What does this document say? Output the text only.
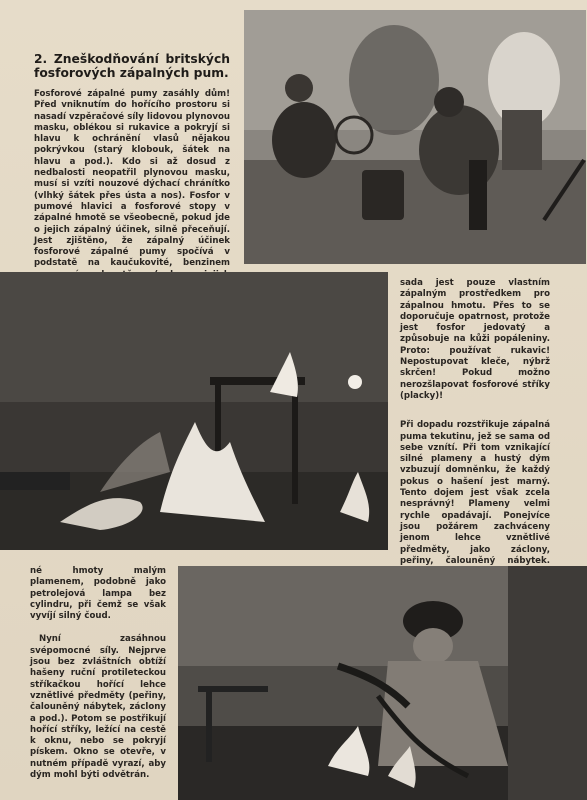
2. Zneškodňování britských fosforových zápalných pum.

Fosforové zápalné pumy zasáhly dům! Před vniknutím do hořícího prostoru si nasadí vzpěračové síly lidovou plynovou masku, oblékou si rukavice a pokryjí si hlavu k ochránění vlasů nějakou pokrývkou (starý klobouk, šátek na hlavu a pod.). Kdo si až dosud z nedbalosti neopatřil plynovou masku, musí si vzíti nouzové dýchací chránítko (vlhký šátek přes ústa a nos). Fosfor v pumové hlavici a fosforové stopy v zápalné hmotě se všeobecně, pokud jde o jejich zápalný účinek, silně přeceňují. Jest zjištěno, že zápalný účinek fosforové zápalné pumy spočívá v podstatě na kaučukovité, benzinem

sada jest pouze vlastním zápalným prostředkem pro zápalnou hmotu. Přes to se doporučuje opatrnost, protože jest fosfor jedovatý a způsobuje na kůži popáleniny. Proto: používat rukavic! Nepostupovat kleče, nýbrž skrčen! Pokud možno nerozšlapovat fosforové stříky (placky)!

Při dopadu rozstřikuje zápalná puma tekutinu, jež se sama od sebe vznítí. Při tom vznikající silné plameny a hustý dým vzbuzují domněnku, že každý pokus o hašení jest marný. Tento dojem jest však zcela nesprávný! Plameny velmi rychle opadávají. Ponejvíce jsou požárem zachváceny jenom lehce vznětlivé předměty, jako záclony, peřiny, čalouněný nábytek.

né hmoty malým plamenem, podobně jako petrolejová lampa bez cylindru, při čemž se však vyvíjí silný čoud.

Nyní zasáhnou svépomocné síly. Nejprve jsou bez zvláštních obtíží hašeny ruční protileteckou stříkačkou hořící lehce vznětlivé předměty (peřiny, čalouněný nábytek, záclony a pod.). Potom se postřikují hořící stříky, ležící na cestě k oknu, nebo se pokryjí pískem. Okno se otevře, v nutném případě vyrazí, aby dým mohl býti odvětrán.
